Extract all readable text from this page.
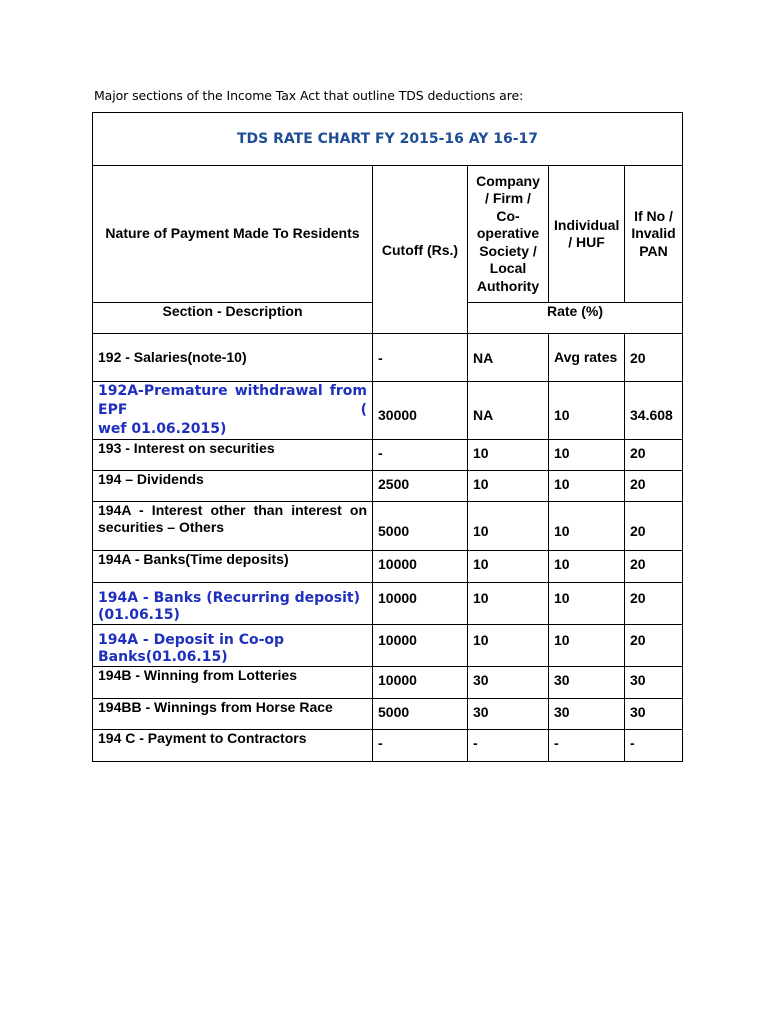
Major sections of the Income Tax Act that outline TDS deductions are:
TDS RATE CHART FY 2015-16 AY 16-17				
Nature of Payment Made To Residents	Cutoff (Rs.)	Company / Firm / Co-operative Society / Local Authority	Individual / HUF	If No / Invalid PAN
Section - Description		Rate (%)		
192 - Salaries(note-10)	-	NA	Avg rates	20

192A-Premature withdrawal from EPF (
wef 01.06.2015)	30000	NA	10	34.608
193 - Interest on securities	-	10	10	20
194 – Dividends	2500	10	10	20

194A - Interest other than interest on
securities – Others	5000	10	10	20
194A - Banks(Time deposits)	10000	10	10	20
194A - Banks (Recurring deposit)(01.06.15)	10000	10	10	20
194A - Deposit in Co-op Banks(01.06.15)	10000	10	10	20
194B - Winning from Lotteries	10000	30	30	30
194BB - Winnings from Horse Race	5000	30	30	30
194 C - Payment to Contractors	-	-	-	-
